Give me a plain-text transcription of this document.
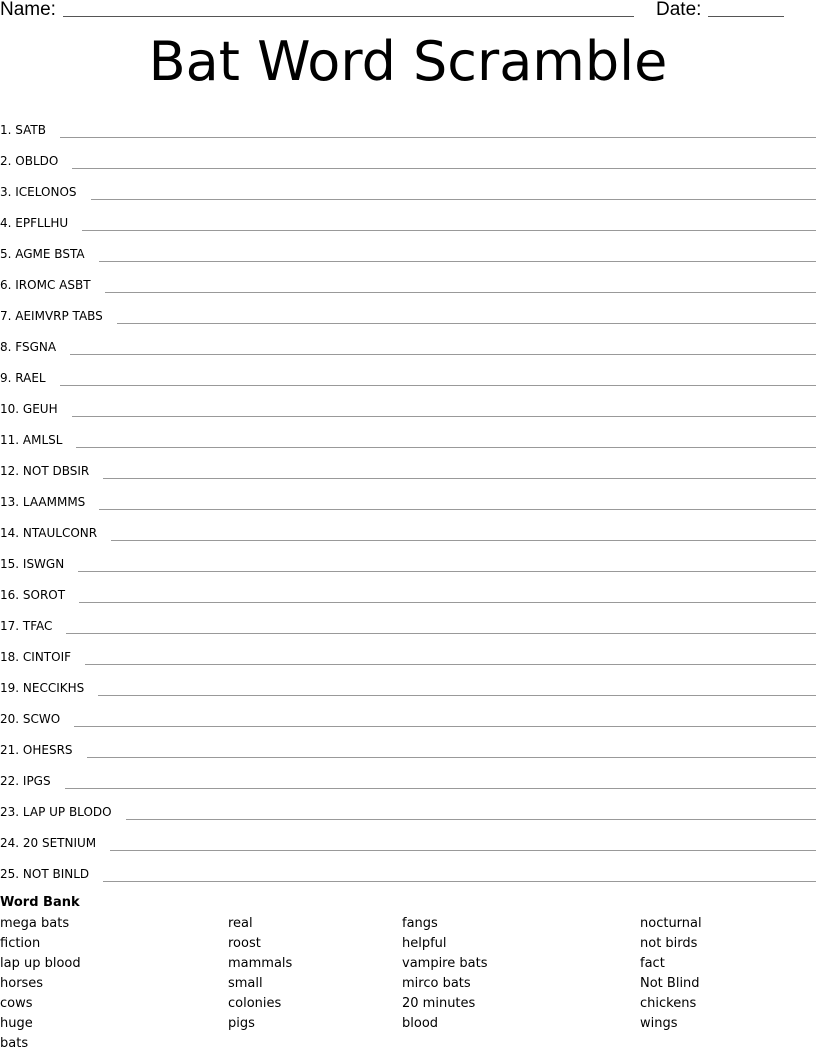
Name:	Date:
Bat Word Scramble
1. SATB
2. OBLDO
3. ICELONOS
4. EPFLLHU
5. AGME BSTA
6. IROMC ASBT
7. AEIMVRP TABS
8. FSGNA
9. RAEL
10. GEUH
11. AMLSL
12. NOT DBSIR
13. LAAMMMS
14. NTAULCONR
15. ISWGN
16. SOROT
17. TFAC
18. CINTOIF
19. NECCIKHS
20. SCWO
21. OHESRS
22. IPGS
23. LAP UP BLODO
24. 20 SETNIUM
25. NOT BINLD
Word Bank
mega bats
fiction
lap up blood
horses
cows
huge
bats
real
roost
mammals
small
colonies
pigs
fangs
helpful
vampire bats
mirco bats
20 minutes
blood
nocturnal
not birds
fact
Not Blind
chickens
wings
